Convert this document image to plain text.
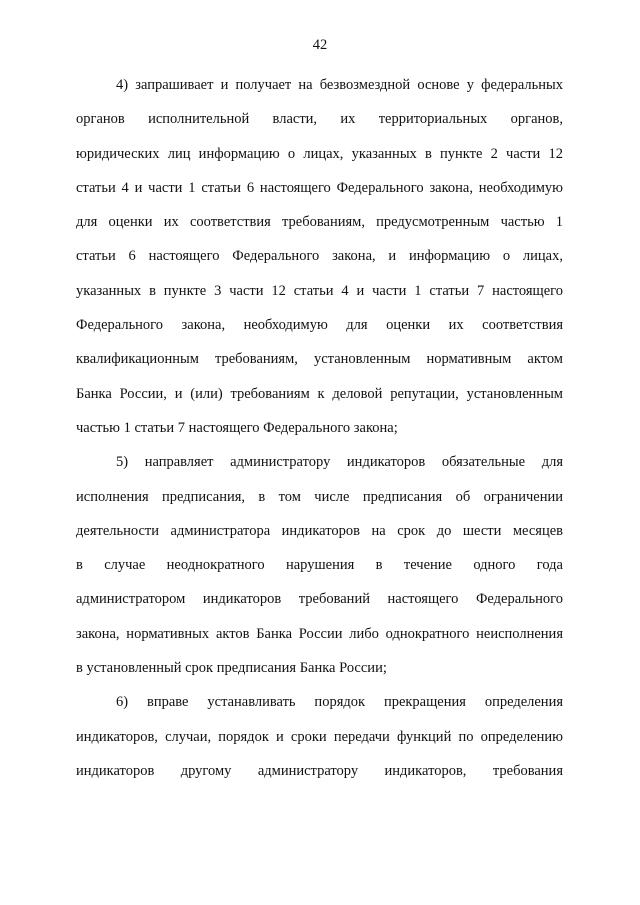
42
4) запрашивает и получает на безвозмездной основе у федеральных
органов исполнительной власти, их территориальных органов,
юридических лиц информацию о лицах, указанных в пункте 2 части 12
статьи 4 и части 1 статьи 6 настоящего Федерального закона, необходимую
для оценки их соответствия требованиям, предусмотренным частью 1
статьи 6 настоящего Федерального закона, и информацию о лицах,
указанных в пункте 3 части 12 статьи 4 и части 1 статьи 7 настоящего
Федерального закона, необходимую для оценки их соответствия
квалификационным требованиям, установленным нормативным актом
Банка России, и (или) требованиям к деловой репутации, установленным
частью 1 статьи 7 настоящего Федерального закона;
5) направляет администратору индикаторов обязательные для
исполнения предписания, в том числе предписания об ограничении
деятельности администратора индикаторов на срок до шести месяцев
в случае неоднократного нарушения в течение одного года
администратором индикаторов требований настоящего Федерального
закона, нормативных актов Банка России либо однократного неисполнения
в установленный срок предписания Банка России;
6) вправе устанавливать порядок прекращения определения
индикаторов, случаи, порядок и сроки передачи функций по определению
индикаторов другому администратору индикаторов, требования
